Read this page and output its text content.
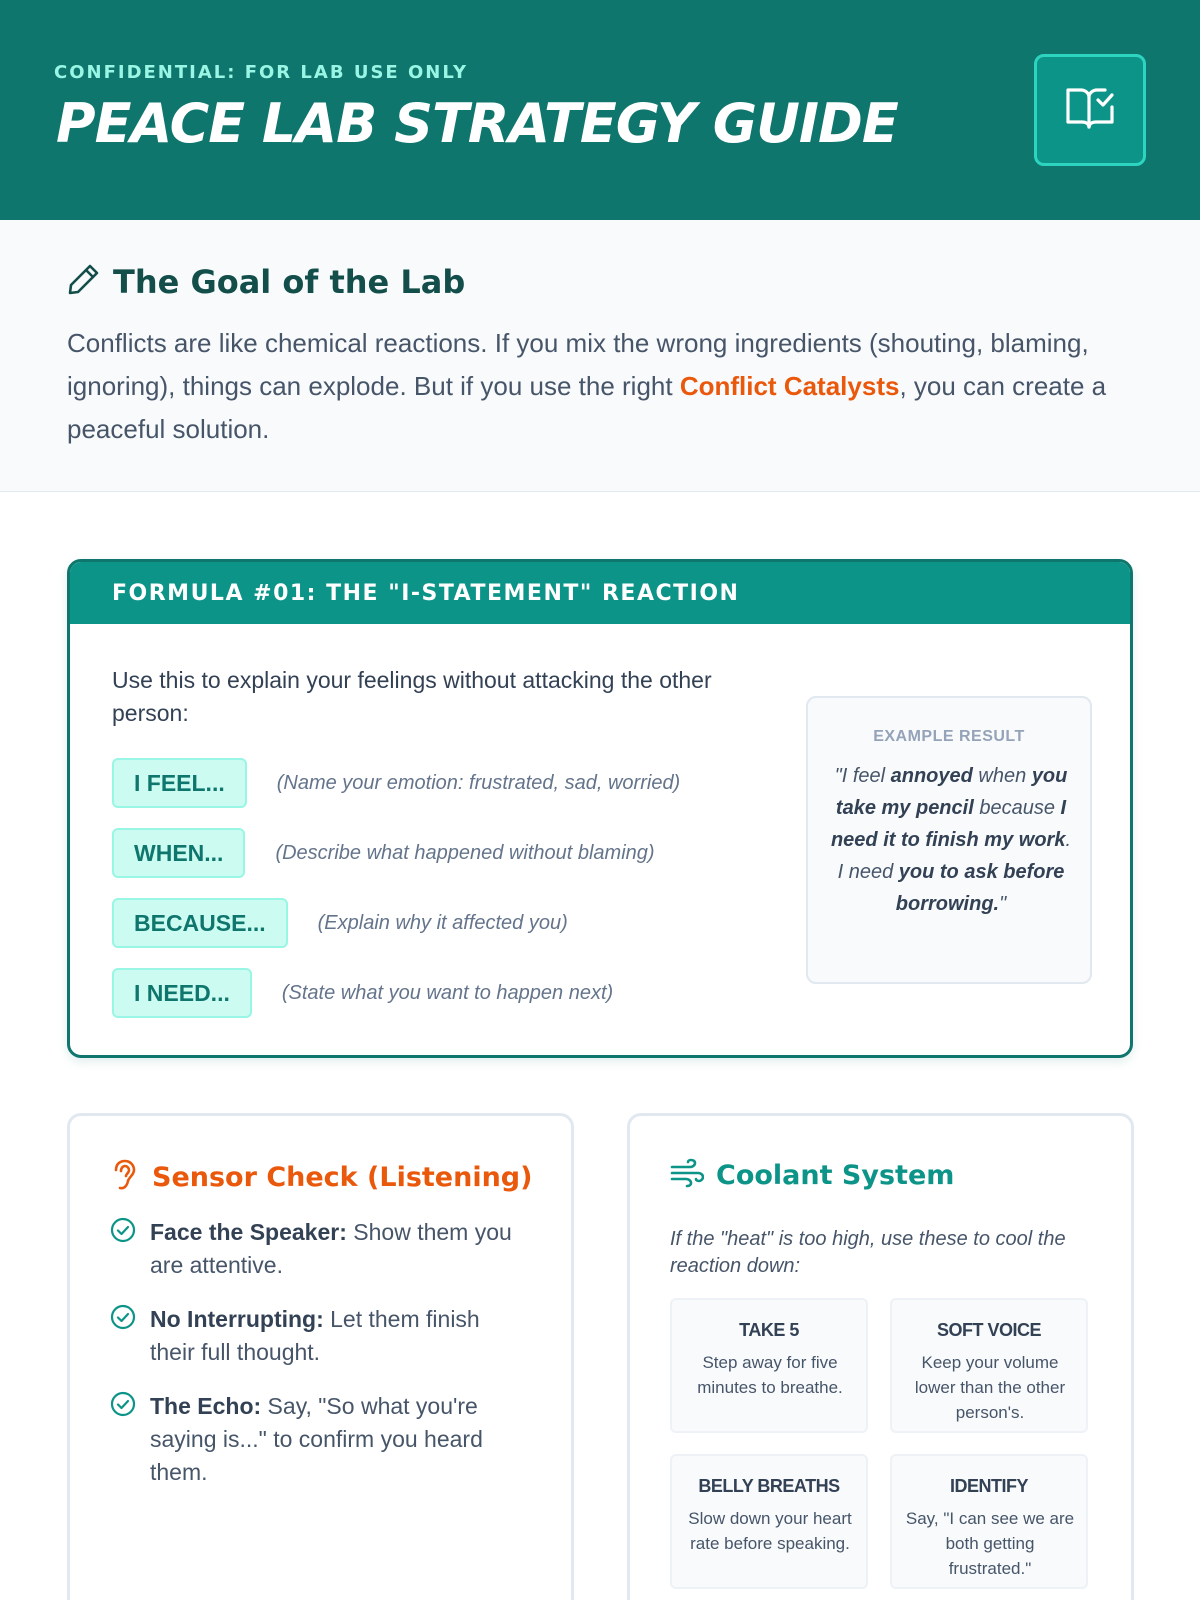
CONFIDENTIAL: FOR LAB USE ONLY
PEACE LAB STRATEGY GUIDE
The Goal of the Lab

Conflicts are like chemical reactions. If you mix the wrong ingredients (shouting, blaming, ignoring), things can explode. But if you use the right Conflict Catalysts, you can create a peaceful solution.

FORMULA #01: THE "I-STATEMENT" REACTION
Use this to explain your feelings without attacking the other person:
I FEEL...	(Name your emotion: frustrated, sad, worried)
WHEN...	(Describe what happened without blaming)
BECAUSE...	(Explain why it affected you)
I NEED...	(State what you want to happen next)
EXAMPLE RESULT
"I feel annoyed when you take my pencil because I need it to finish my work. I need you to ask before borrowing."
Sensor Check (Listening)

Face the Speaker: Show them you are attentive.

No Interrupting: Let them finish their full thought.

The Echo: Say, "So what you're saying is..." to confirm you heard them.

Coolant System

If the "heat" is too high, use these to cool the reaction down:

TAKE 5
Step away for five minutes to breathe.
SOFT VOICE
Keep your volume lower than the other person's.
BELLY BREATHS
Slow down your heart rate before speaking.
IDENTIFY
Say, "I can see we are both getting frustrated."
